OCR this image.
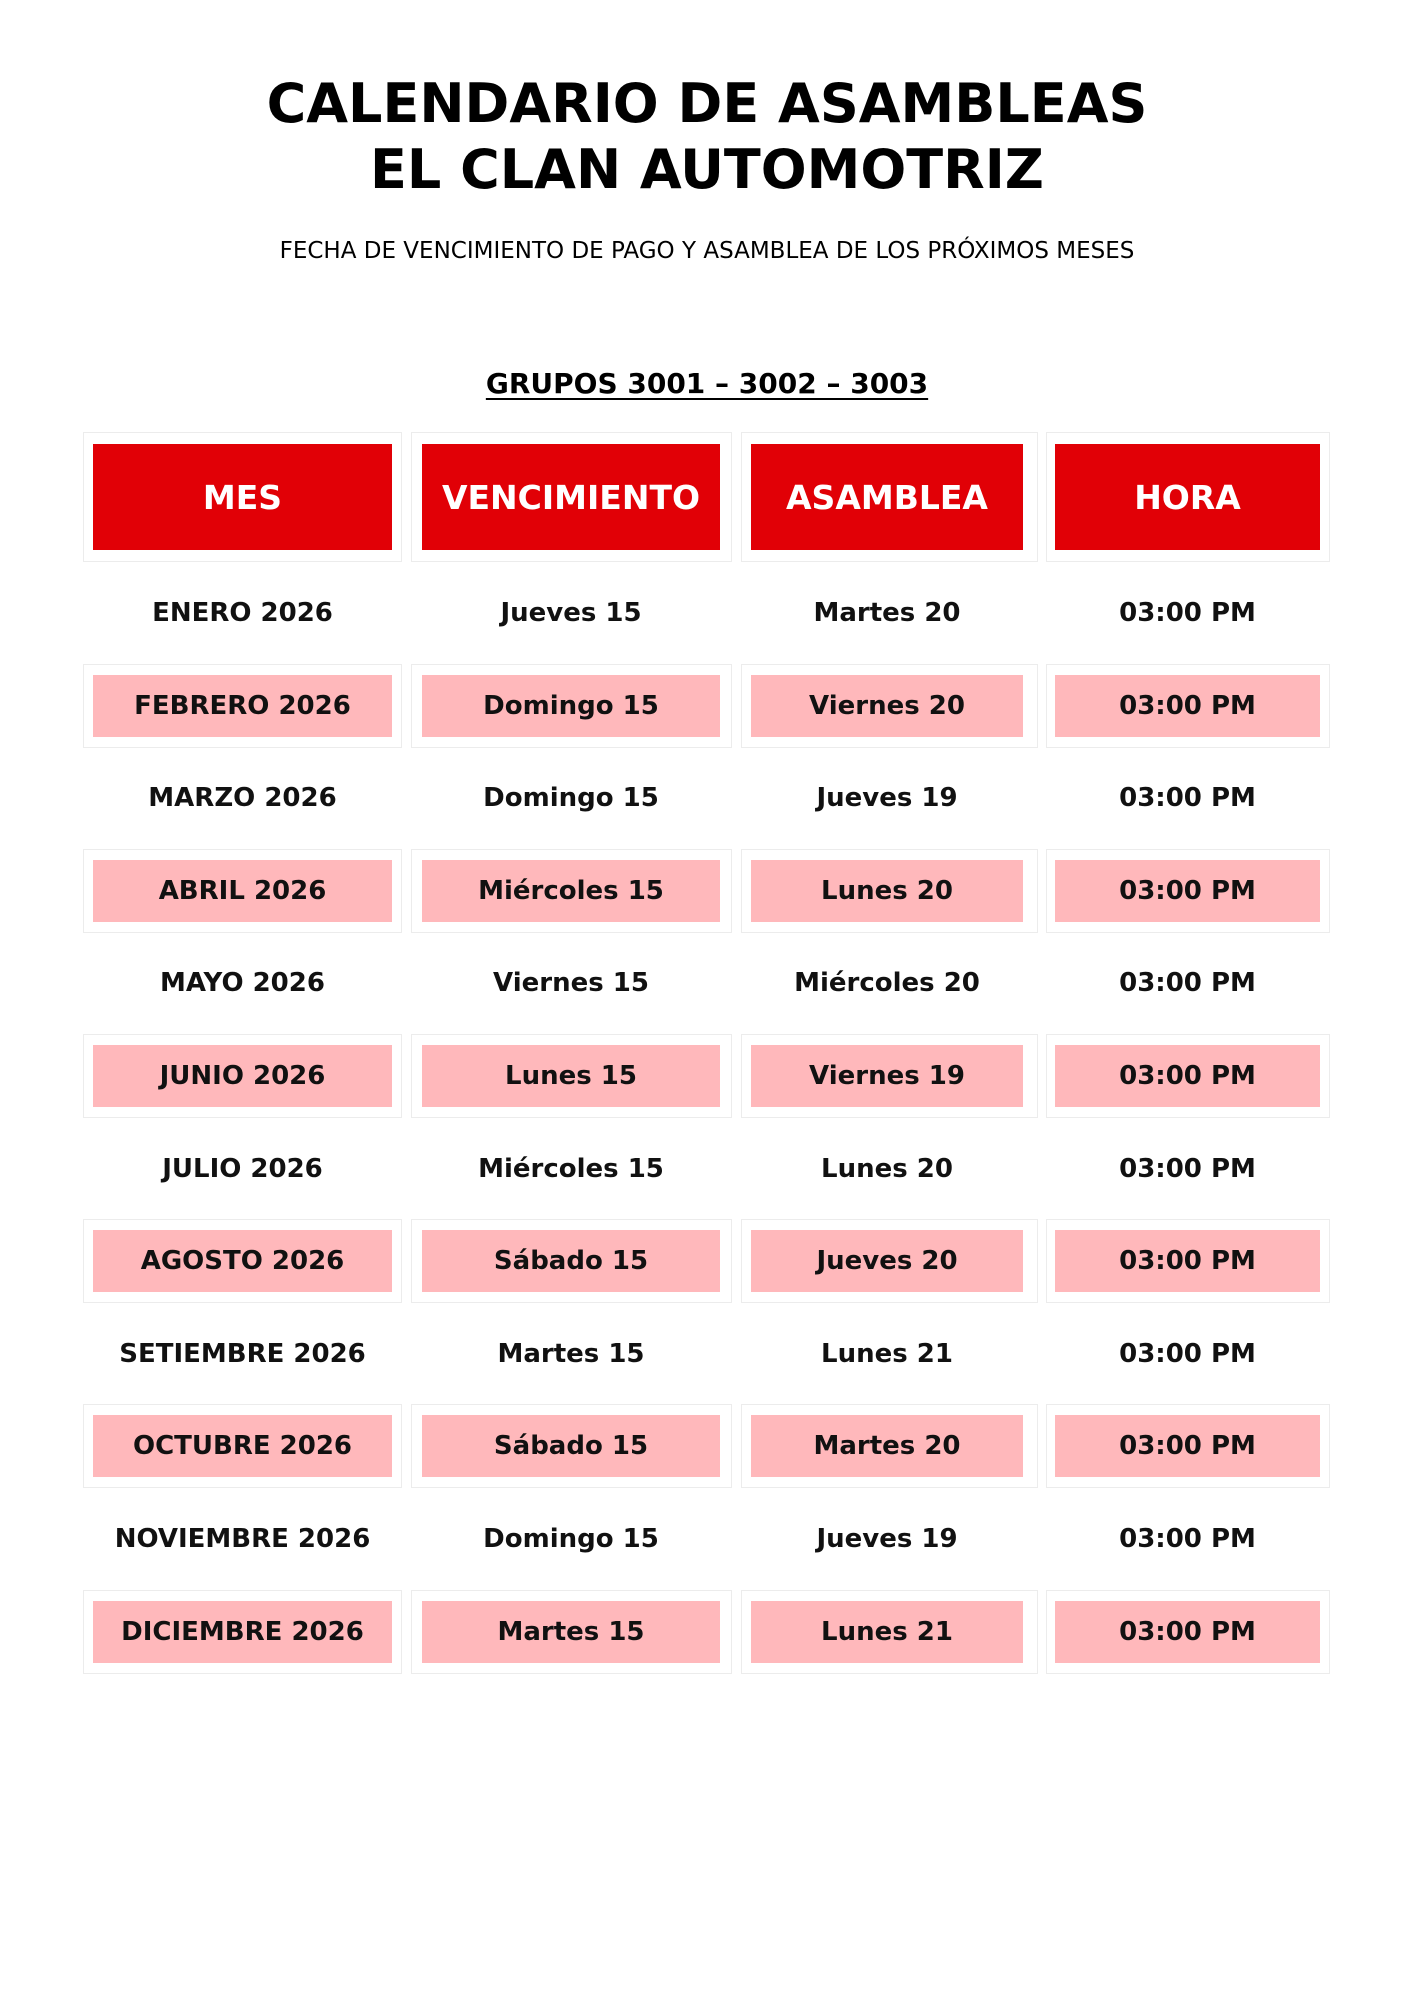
CALENDARIO DE ASAMBLEAS
EL CLAN AUTOMOTRIZ
FECHA DE VENCIMIENTO DE PAGO Y ASAMBLEA DE LOS PRÓXIMOS MESES
GRUPOS 3001 – 3002 – 3003
MES	VENCIMIENTO	ASAMBLEA	HORA
ENERO 2026	Jueves 15	Martes 20	03:00 PM
FEBRERO 2026	Domingo 15	Viernes 20	03:00 PM
MARZO 2026	Domingo 15	Jueves 19	03:00 PM
ABRIL 2026	Miércoles 15	Lunes 20	03:00 PM
MAYO 2026	Viernes 15	Miércoles 20	03:00 PM
JUNIO 2026	Lunes 15	Viernes 19	03:00 PM
JULIO 2026	Miércoles 15	Lunes 20	03:00 PM
AGOSTO 2026	Sábado 15	Jueves 20	03:00 PM
SETIEMBRE 2026	Martes 15	Lunes 21	03:00 PM
OCTUBRE 2026	Sábado 15	Martes 20	03:00 PM
NOVIEMBRE 2026	Domingo 15	Jueves 19	03:00 PM
DICIEMBRE 2026	Martes 15	Lunes 21	03:00 PM
